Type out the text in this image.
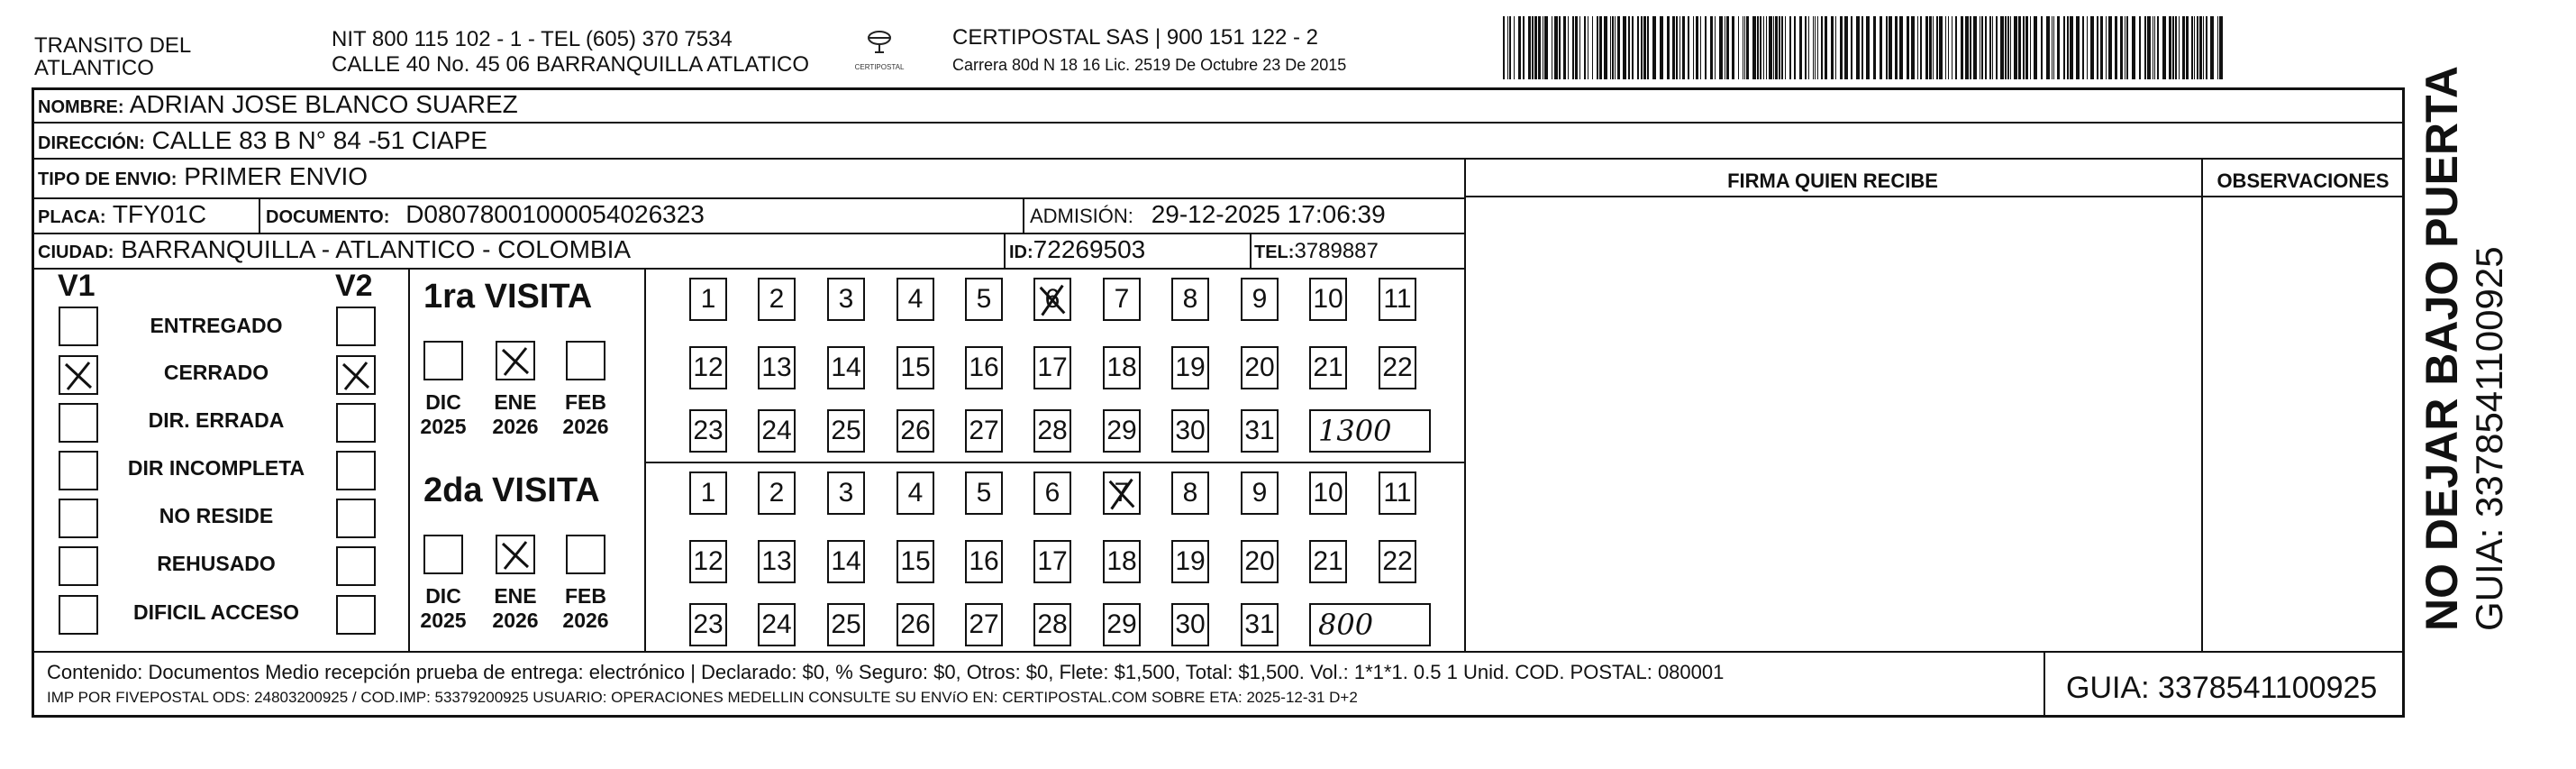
TRANSITO DEL
ATLANTICO
NIT 800 115 102 - 1 - TEL (605) 370 7534
CALLE 40 No. 45 06 BARRANQUILLA ATLATICO	CERTIPOSTAL
CERTIPOSTAL SAS | 900 151 122 - 2
Carrera 80d N 18 16 Lic. 2519 De Octubre 23 De 2015
NOMBRE: ADRIAN JOSE BLANCO SUAREZ
DIRECCIÓN: CALLE 83 B N° 84 -51 CIAPE
TIPO DE ENVIO: PRIMER ENVIO	FIRMA QUIEN RECIBE	OBSERVACIONES
PLACA: TFY01C	DOCUMENTO: D08078001000054026323	ADMISIÓN: 29-12-2025 17:06:39
CIUDAD: BARRANQUILLA - ATLANTICO - COLOMBIA	ID:72269503	TEL:3789887
V1	V2
ENTREGADO
CERRADO
DIR. ERRADA
DIR INCOMPLETA
NO RESIDE
REHUSADO
DIFICIL ACCESO
1ra VISITA
DIC
2025
ENE
2026
FEB
2026
1	2	3	4	5	6	7	8	9	10 11
12 13 14 15 16 17 18 19 20 21 22
23 24 25 26 27 28 29 30 31	1300
2da VISITA
DIC
2025
ENE
2026
FEB
2026
1	2	3	4	5	6	7	8	9	10 11
12 13 14 15 16 17 18 19 20 21 22
23 24 25 26 27 28 29 30 31	800
Contenido: Documentos Medio recepción prueba de entrega: electrónico | Declarado: $0, % Seguro: $0, Otros: $0, Flete: $1,500, Total: $1,500. Vol.: 1*1*1. 0.5 1 Unid. COD. POSTAL: 080001
IMP POR FIVEPOSTAL ODS: 24803200925 / COD.IMP: 53379200925 USUARIO: OPERACIONES MEDELLIN CONSULTE SU ENVíO EN: CERTIPOSTAL.COM SOBRE ETA: 2025-12-31 D+2	GUIA: 3378541100925
NO DEJAR BAJO PUERTA GUIA: 3378541100925
